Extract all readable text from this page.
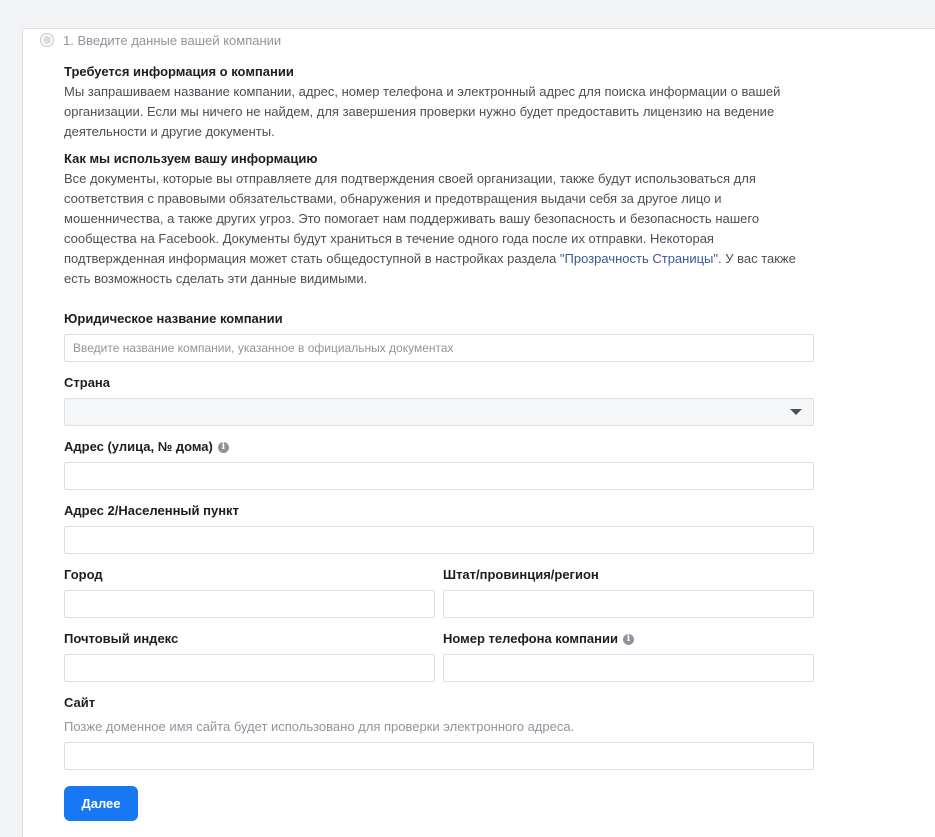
1. Введите данные вашей компании

Требуется информация о компании

Мы запрашиваем название компании, адрес, номер телефона и электронный адрес для поиска информации о вашей организации. Если мы ничего не найдем, для завершения проверки нужно будет предоставить лицензию на ведение деятельности и другие документы.

Как мы используем вашу информацию

Все документы, которые вы отправляете для подтверждения своей организации, также будут использоваться для соответствия с правовыми обязательствами, обнаружения и предотвращения выдачи себя за другое лицо и мошенничества, а также других угроз. Это помогает нам поддерживать вашу безопасность и безопасность нашего сообщества на Facebook. Документы будут храниться в течение одного года после их отправки. Некоторая подтвержденная информация может стать общедоступной в настройках раздела "Прозрачность Страницы". У вас также есть возможность сделать эти данные видимыми.

Юридическое название компании
Введите название компании, указанное в официальных документах
Страна
Адрес (улица, № дома) i
Адрес 2/Населенный пункт
Город	Штат/провинция/регион
Почтовый индекс	Номер телефона компании i
Сайт
Позже доменное имя сайта будет использовано для проверки электронного адреса.
Далее
